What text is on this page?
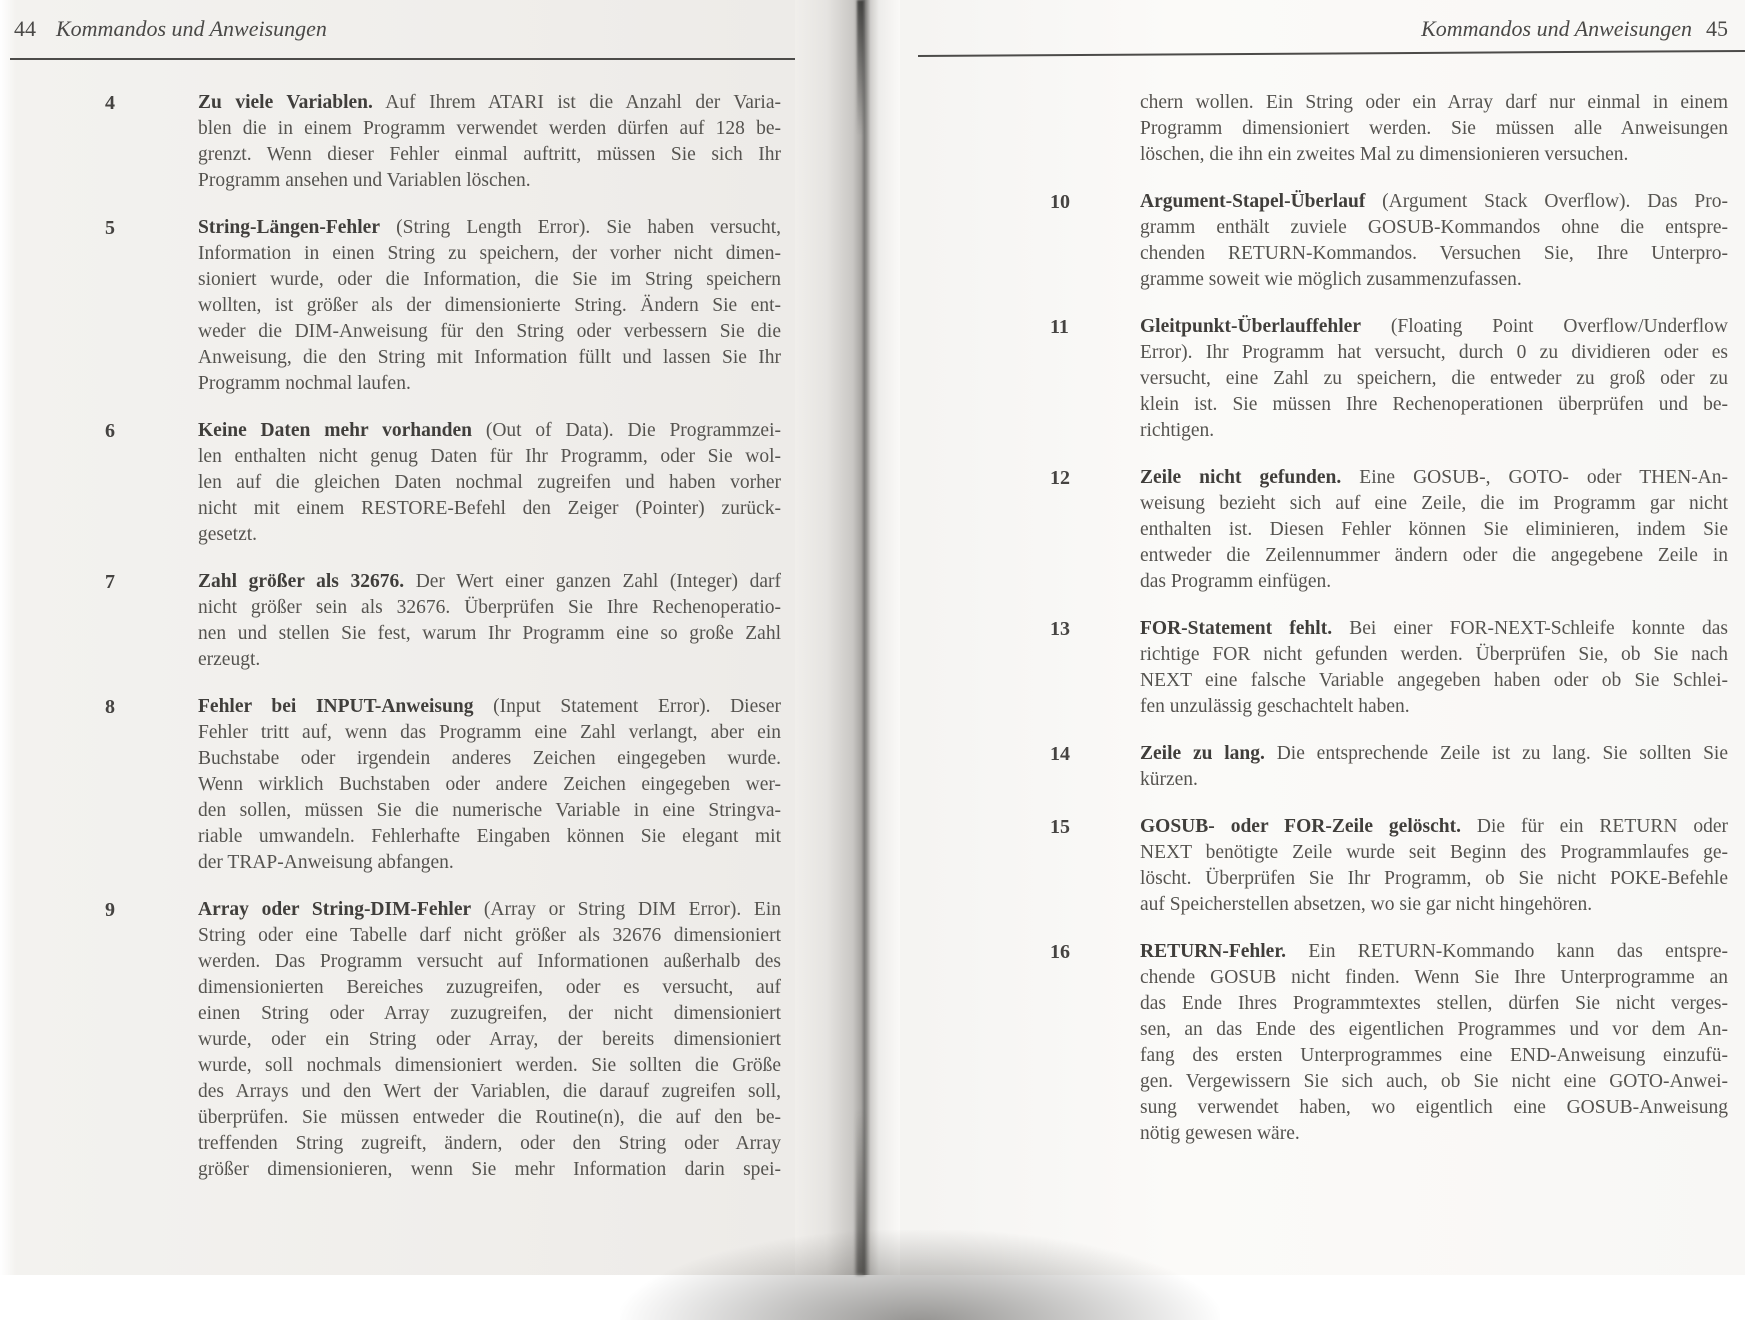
44 Kommandos und Anweisungen
4	Zu viele Variablen. Auf Ihrem ATARI ist die Anzahl der Varia-
blen die in einem Programm verwendet werden dürfen auf 128 be-
grenzt. Wenn dieser Fehler einmal auftritt, müssen Sie sich Ihr
Programm ansehen und Variablen löschen.
5	String-Längen-Fehler (String Length Error). Sie haben versucht,
Information in einen String zu speichern, der vorher nicht dimen-
sioniert wurde, oder die Information, die Sie im String speichern
wollten, ist größer als der dimensionierte String. Ändern Sie ent-
weder die DIM-Anweisung für den String oder verbessern Sie die
Anweisung, die den String mit Information füllt und lassen Sie Ihr
Programm nochmal laufen.
6	Keine Daten mehr vorhanden (Out of Data). Die Programmzei-
len enthalten nicht genug Daten für Ihr Programm, oder Sie wol-
len auf die gleichen Daten nochmal zugreifen und haben vorher
nicht mit einem RESTORE-Befehl den Zeiger (Pointer) zurück-
gesetzt.
7	Zahl größer als 32676. Der Wert einer ganzen Zahl (Integer) darf
nicht größer sein als 32676. Überprüfen Sie Ihre Rechenoperatio-
nen und stellen Sie fest, warum Ihr Programm eine so große Zahl
erzeugt.
8	Fehler bei INPUT-Anweisung (Input Statement Error). Dieser
Fehler tritt auf, wenn das Programm eine Zahl verlangt, aber ein
Buchstabe oder irgendein anderes Zeichen eingegeben wurde.
Wenn wirklich Buchstaben oder andere Zeichen eingegeben wer-
den sollen, müssen Sie die numerische Variable in eine Stringva-
riable umwandeln. Fehlerhafte Eingaben können Sie elegant mit
der TRAP-Anweisung abfangen.
9	Array oder String-DIM-Fehler (Array or String DIM Error). Ein
String oder eine Tabelle darf nicht größer als 32676 dimensioniert
werden. Das Programm versucht auf Informationen außerhalb des
dimensionierten Bereiches zuzugreifen, oder es versucht, auf
einen String oder Array zuzugreifen, der nicht dimensioniert
wurde, oder ein String oder Array, der bereits dimensioniert
wurde, soll nochmals dimensioniert werden. Sie sollten die Größe
des Arrays und den Wert der Variablen, die darauf zugreifen soll,
überprüfen. Sie müssen entweder die Routine(n), die auf den be-
treffenden String zugreift, ändern, oder den String oder Array
größer dimensionieren, wenn Sie mehr Information darin spei-
Kommandos und Anweisungen 45
chern wollen. Ein String oder ein Array darf nur einmal in einem
Programm dimensioniert werden. Sie müssen alle Anweisungen
löschen, die ihn ein zweites Mal zu dimensionieren versuchen.
10	Argument-Stapel-Überlauf (Argument Stack Overflow). Das Pro-
gramm enthält zuviele GOSUB-Kommandos ohne die entspre-
chenden RETURN-Kommandos. Versuchen Sie, Ihre Unterpro-
gramme soweit wie möglich zusammenzufassen.
11	Gleitpunkt-Überlauffehler (Floating Point Overflow/Underflow
Error). Ihr Programm hat versucht, durch 0 zu dividieren oder es
versucht, eine Zahl zu speichern, die entweder zu groß oder zu
klein ist. Sie müssen Ihre Rechenoperationen überprüfen und be-
richtigen.
12	Zeile nicht gefunden. Eine GOSUB-, GOTO- oder THEN-An-
weisung bezieht sich auf eine Zeile, die im Programm gar nicht
enthalten ist. Diesen Fehler können Sie eliminieren, indem Sie
entweder die Zeilennummer ändern oder die angegebene Zeile in
das Programm einfügen.
13	FOR-Statement fehlt. Bei einer FOR-NEXT-Schleife konnte das
richtige FOR nicht gefunden werden. Überprüfen Sie, ob Sie nach
NEXT eine falsche Variable angegeben haben oder ob Sie Schlei-
fen unzulässig geschachtelt haben.
14	Zeile zu lang. Die entsprechende Zeile ist zu lang. Sie sollten Sie
kürzen.
15	GOSUB- oder FOR-Zeile gelöscht. Die für ein RETURN oder
NEXT benötigte Zeile wurde seit Beginn des Programmlaufes ge-
löscht. Überprüfen Sie Ihr Programm, ob Sie nicht POKE-Befehle
auf Speicherstellen absetzen, wo sie gar nicht hingehören.
16	RETURN-Fehler. Ein RETURN-Kommando kann das entspre-
chende GOSUB nicht finden. Wenn Sie Ihre Unterprogramme an
das Ende Ihres Programmtextes stellen, dürfen Sie nicht verges-
sen, an das Ende des eigentlichen Programmes und vor dem An-
fang des ersten Unterprogrammes eine END-Anweisung einzufü-
gen. Vergewissern Sie sich auch, ob Sie nicht eine GOTO-Anwei-
sung verwendet haben, wo eigentlich eine GOSUB-Anweisung
nötig gewesen wäre.
